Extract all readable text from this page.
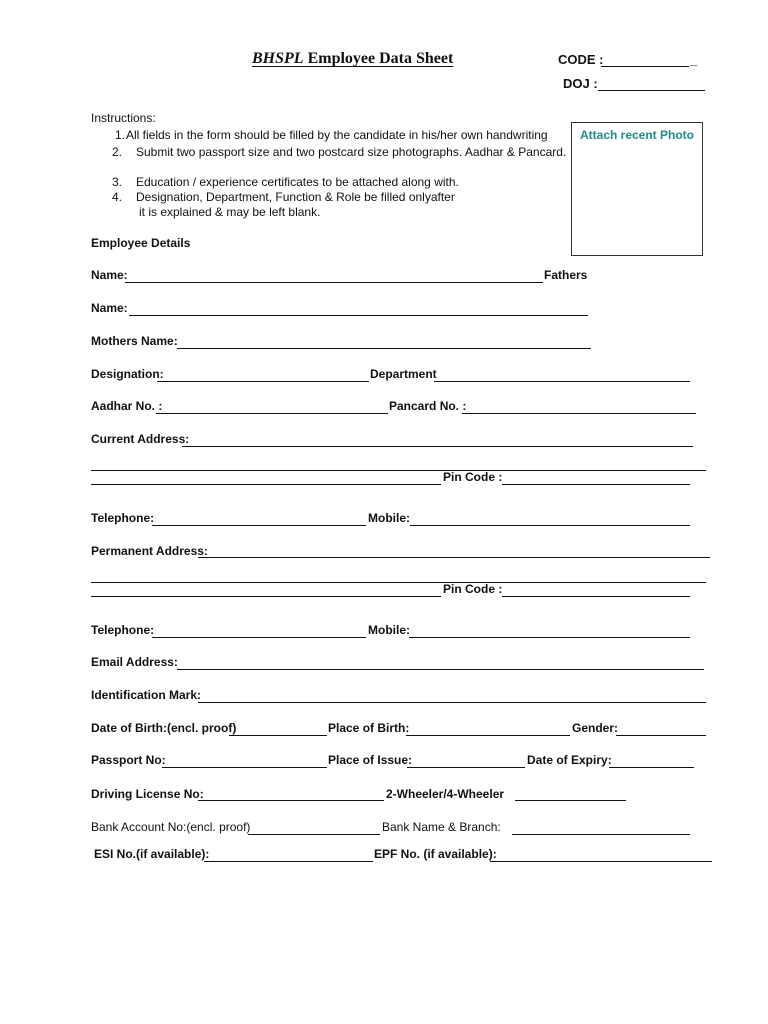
BHSPL Employee Data Sheet	CODE :	_
DOJ :
Instructions:
1. All fields in the form should be filled by the candidate in his/her own handwriting
2. Submit two passport size and two postcard size photographs. Aadhar & Pancard.
3. Education / experience certificates to be attached along with.
4. Designation, Department, Function & Role be filled onlyafter
it is explained & may be left blank.
Attach recent Photo
Employee Details
Name:	Fathers
Name:
Mothers Name:
Designation:	Department
Aadhar No. :	Pancard No. :
Current Address:
Pin Code :
Telephone:	Mobile:
Permanent Address:
Pin Code :
Telephone:	Mobile:
Email Address:
Identification Mark:
Date of Birth:(encl. proof)	Place of Birth:	Gender:
Passport No:	Place of Issue:	Date of Expiry:
Driving License No:	2-Wheeler/4-Wheeler
Bank Account No:(encl. proof)	Bank Name & Branch:
ESI No.(if available):	EPF No. (if available):
